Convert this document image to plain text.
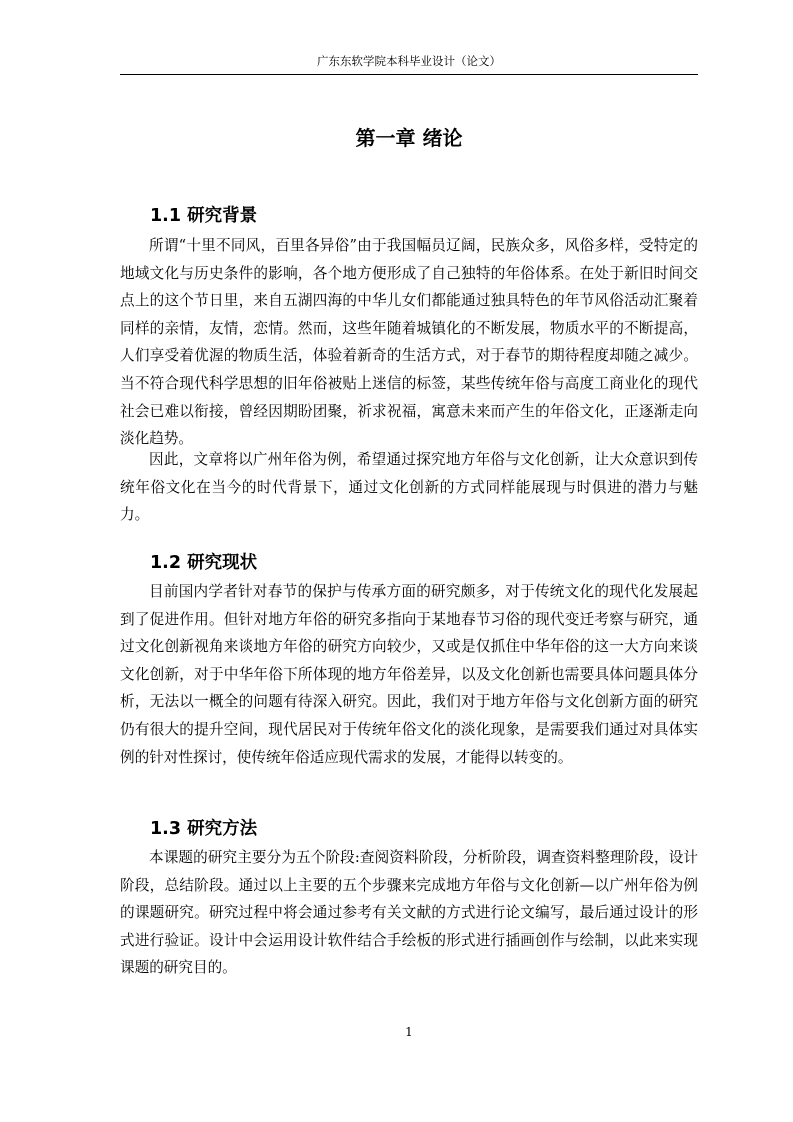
广东东软学院本科毕业设计（论文）
第一章 绪论
1.1 研究背景

所谓“十里不同风，百里各异俗”由于我国幅员辽阔，民族众多，风俗多样，受特定的地域文化与历史条件的影响，各个地方便形成了自己独特的年俗体系。在处于新旧时间交点上的这个节日里，来自五湖四海的中华儿女们都能通过独具特色的年节风俗活动汇聚着同样的亲情，友情，恋情。然而，这些年随着城镇化的不断发展，物质水平的不断提高，人们享受着优渥的物质生活，体验着新奇的生活方式，对于春节的期待程度却随之减少。当不符合现代科学思想的旧年俗被贴上迷信的标签，某些传统年俗与高度工商业化的现代社会已难以衔接，曾经因期盼团聚，祈求祝福，寓意未来而产生的年俗文化，正逐渐走向淡化趋势。

因此，文章将以广州年俗为例，希望通过探究地方年俗与文化创新，让大众意识到传统年俗文化在当今的时代背景下，通过文化创新的方式同样能展现与时俱进的潜力与魅力。

1.2 研究现状

目前国内学者针对春节的保护与传承方面的研究颇多，对于传统文化的现代化发展起到了促进作用。但针对地方年俗的研究多指向于某地春节习俗的现代变迁考察与研究，通过文化创新视角来谈地方年俗的研究方向较少，又或是仅抓住中华年俗的这一大方向来谈文化创新，对于中华年俗下所体现的地方年俗差异，以及文化创新也需要具体问题具体分析，无法以一概全的问题有待深入研究。因此，我们对于地方年俗与文化创新方面的研究仍有很大的提升空间，现代居民对于传统年俗文化的淡化现象，是需要我们通过对具体实例的针对性探讨，使传统年俗适应现代需求的发展，才能得以转变的。

1.3 研究方法

本课题的研究主要分为五个阶段:查阅资料阶段，分析阶段，调查资料整理阶段，设计阶段，总结阶段。通过以上主要的五个步骤来完成地方年俗与文化创新—以广州年俗为例的课题研究。研究过程中将会通过参考有关文献的方式进行论文编写，最后通过设计的形式进行验证。设计中会运用设计软件结合手绘板的形式进行插画创作与绘制，以此来实现课题的研究目的。

1
